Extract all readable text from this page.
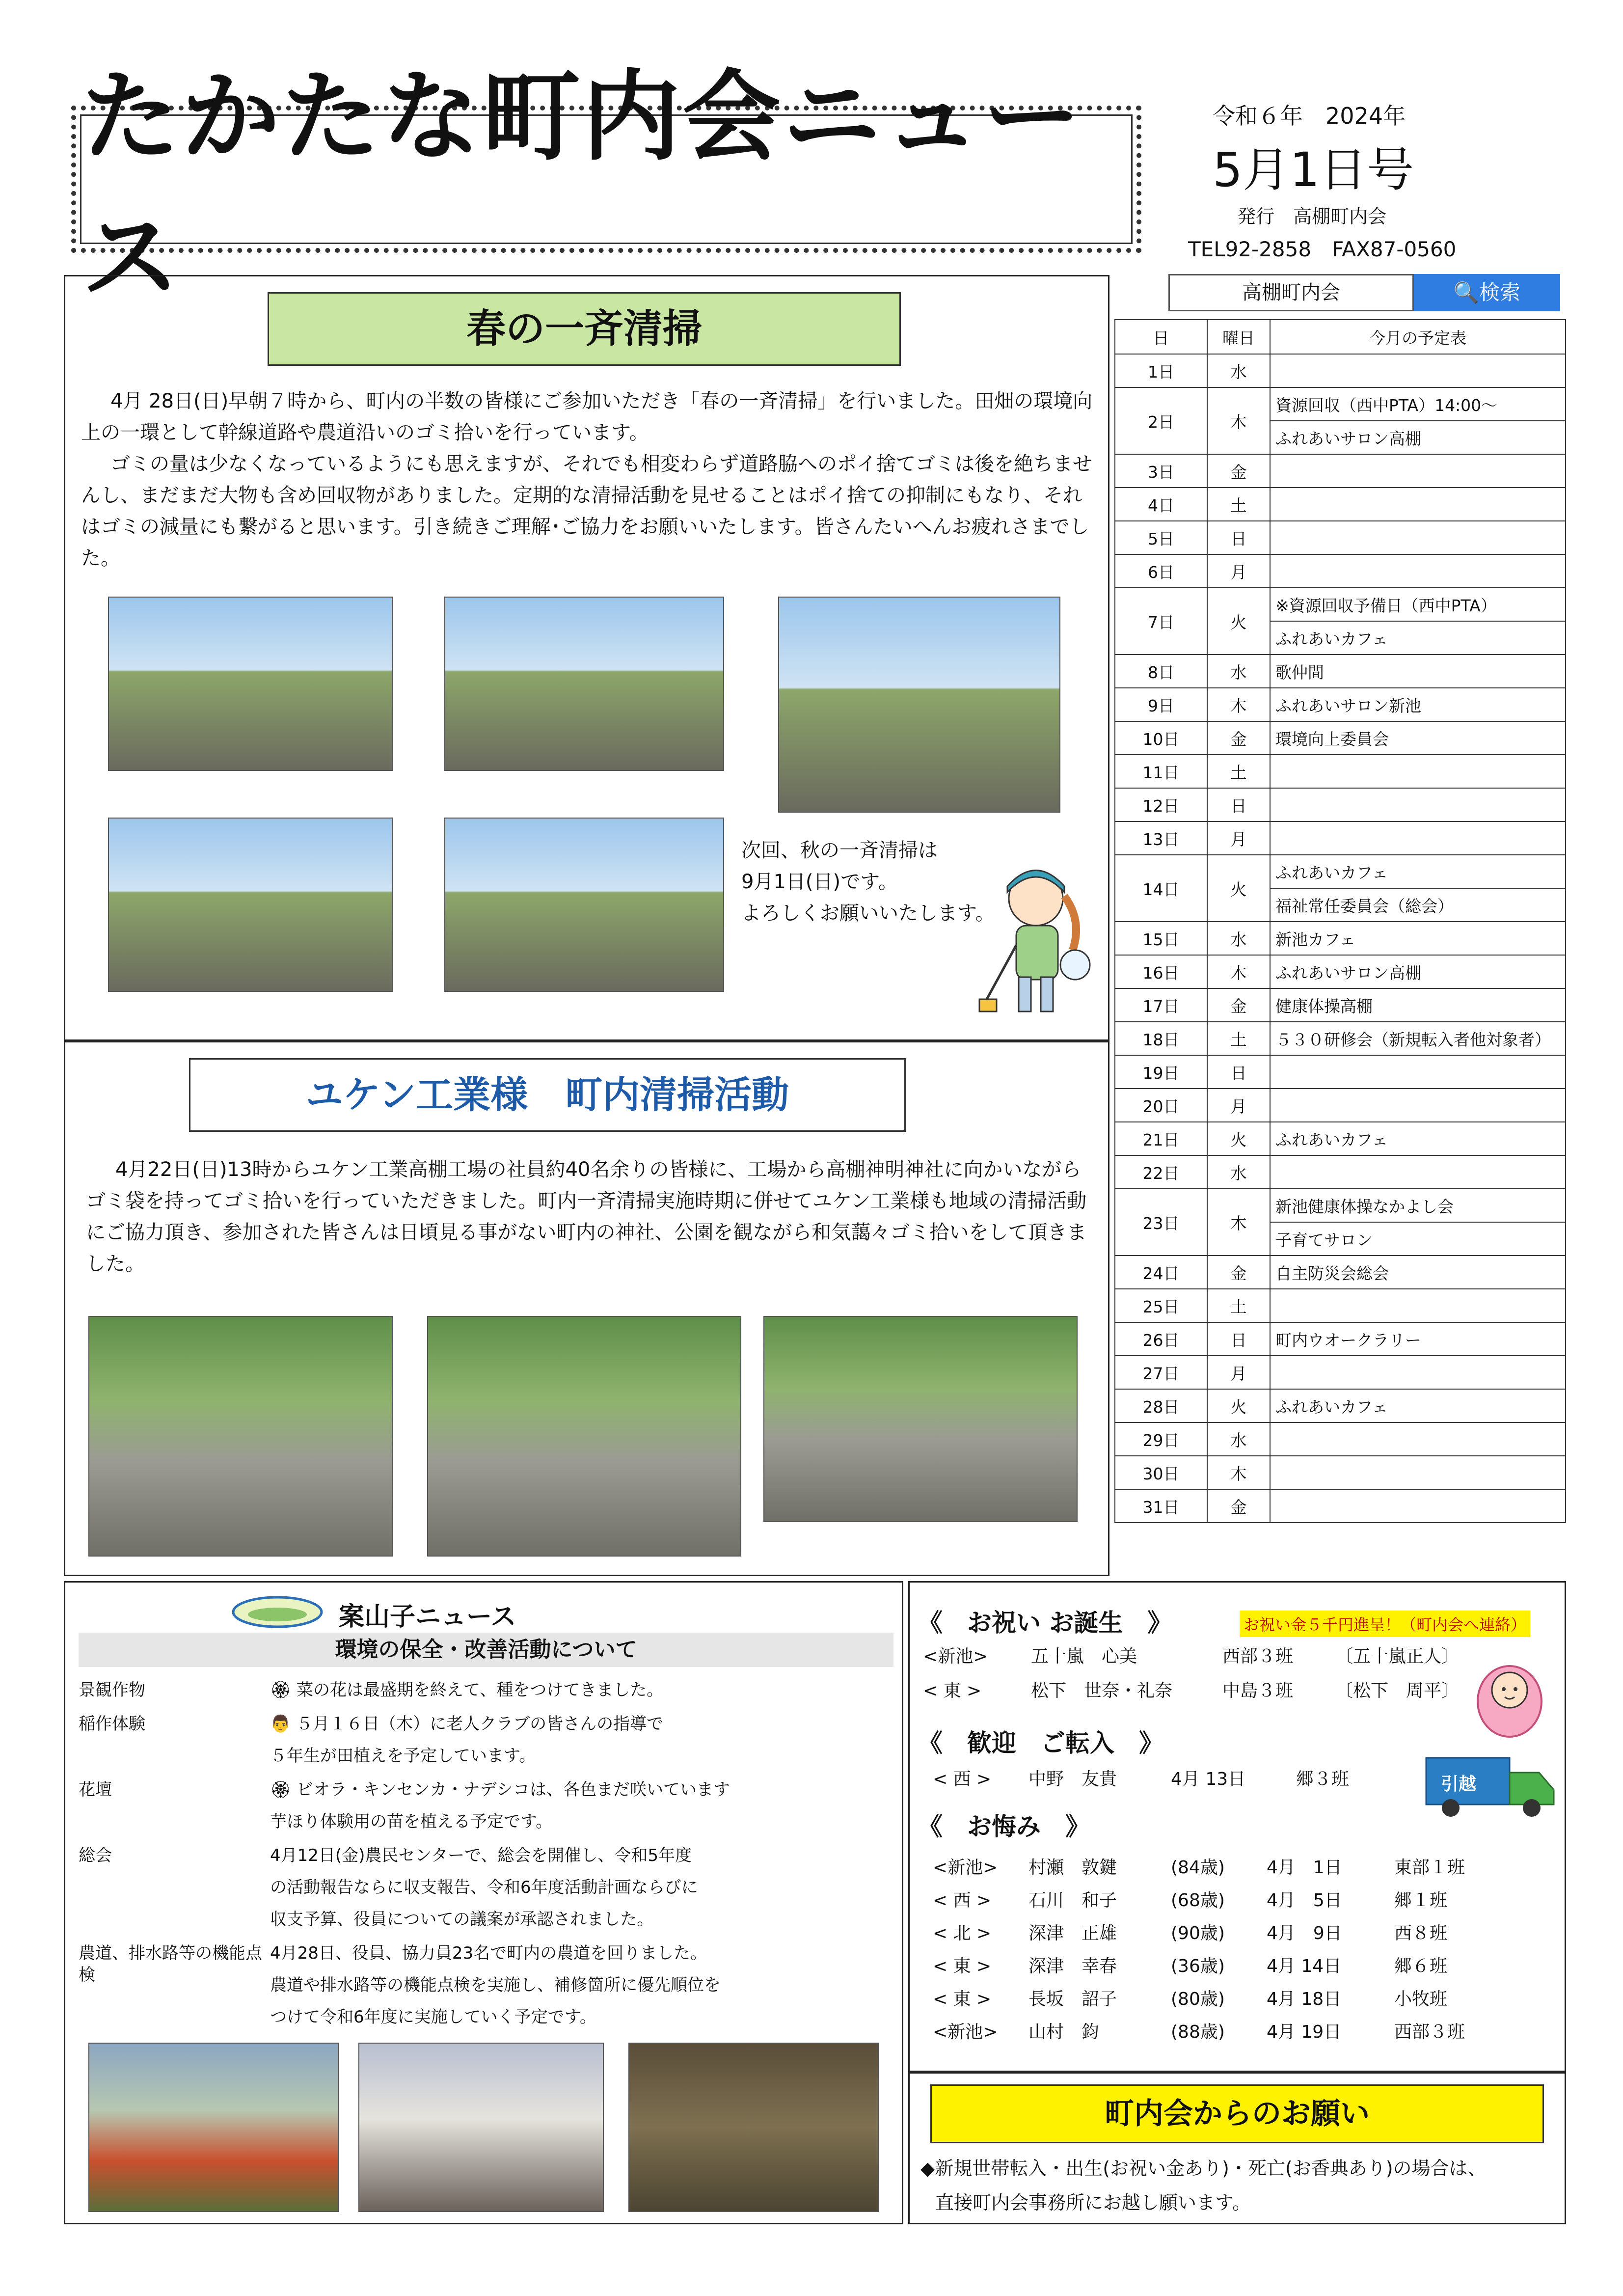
たかたな町内会ニュース
令和６年　2024年
5月1日号
発行　高棚町内会
TEL92-2858　FAX87-0560
高棚町内会	🔍検索
春の一斉清掃

4月 28日(日)早朝７時から、町内の半数の皆様にご参加いただき「春の一斉清掃」を行いました。田畑の環境向上の一環として幹線道路や農道沿いのゴミ拾いを行っています。

ゴミの量は少なくなっているようにも思えますが、それでも相変わらず道路脇へのポイ捨てゴミは後を絶ちませんし、まだまだ大物も含め回収物がありました。定期的な清掃活動を見せることはポイ捨ての抑制にもなり、それはゴミの減量にも繋がると思います。引き続きご理解･ご協力をお願いいたします。皆さんたいへんお疲れさまでした。

次回、秋の一斉清掃は
9月1日(日)です。
よろしくお願いいたします。
ユケン工業様　町内清掃活動

4月22日(日)13時からユケン工業高棚工場の社員約40名余りの皆様に、工場から高棚神明神社に向かいながらゴミ袋を持ってゴミ拾いを行っていただきました。町内一斉清掃実施時期に併せてユケン工業様も地域の清掃活動にご協力頂き、参加された皆さんは日頃見る事がない町内の神社、公園を観ながら和気藹々ゴミ拾いをして頂きました。

日	曜日	今月の予定表
1日	水	
2日	木	資源回収（西中PTA）14:00～
		ふれあいサロン高棚
3日	金	
4日	土	
5日	日	
6日	月	
7日	火	※資源回収予備日（西中PTA）
		ふれあいカフェ
8日	水	歌仲間
9日	木	ふれあいサロン新池
10日	金	環境向上委員会
11日	土	
12日	日	
13日	月	
14日	火	ふれあいカフェ
		福祉常任委員会（総会）
15日	水	新池カフェ
16日	木	ふれあいサロン高棚
17日	金	健康体操高棚
18日	土	５３０研修会（新規転入者他対象者）
19日	日	
20日	月	
21日	火	ふれあいカフェ
22日	水	
23日	木	新池健康体操なかよし会
		子育てサロン
24日	金	自主防災会総会
25日	土	
26日	日	町内ウオークラリー
27日	月	
28日	火	ふれあいカフェ
29日	水	
30日	木	
31日	金	
案山子ニュース
環境の保全・改善活動について
景観作物	🏵 菜の花は最盛期を終えて、種をつけてきました。
稲作体験	👨 ５月１６日（木）に老人クラブの皆さんの指導で
５年生が田植えを予定しています。
花壇	🏵 ビオラ・キンセンカ・ナデシコは、各色まだ咲いています
芋ほり体験用の苗を植える予定です。
総会	4月12日(金)農民センターで、総会を開催し、令和5年度
の活動報告ならに収支報告、令和6年度活動計画ならびに
収支予算、役員についての議案が承認されました。
農道、排水路等の機能点検
4月28日、役員、協力員23名で町内の農道を回りました。
農道や排水路等の機能点検を実施し、補修箇所に優先順位を
つけて令和6年度に実施していく予定です。
《　お祝い お誕生　》	お祝い金５千円進呈！（町内会へ連絡）
<新池> 五十嵐　心美	西部３班 〔五十嵐正人〕
< 東 >	松下　世奈・礼奈	中島３班 〔松下　周平〕
《　歓迎　ご転入　》
< 西 > 中野　友貴	4月 13日	郷３班	引越
《　お悔み　》
<新池> 村瀬　敦鍵	(84歳) 4月　1日	東部１班
< 西 > 石川　和子	(68歳) 4月　5日	郷１班
< 北 > 深津　正雄	(90歳) 4月　9日	西８班
< 東 > 深津　幸春	(36歳) 4月 14日	郷６班
< 東 > 長坂　詔子	(80歳) 4月 18日	小牧班
<新池> 山村　鈞	(88歳) 4月 19日	西部３班
町内会からのお願い
◆新規世帯転入・出生(お祝い金あり)・死亡(お香典あり)の場合は、
直接町内会事務所にお越し願います。
